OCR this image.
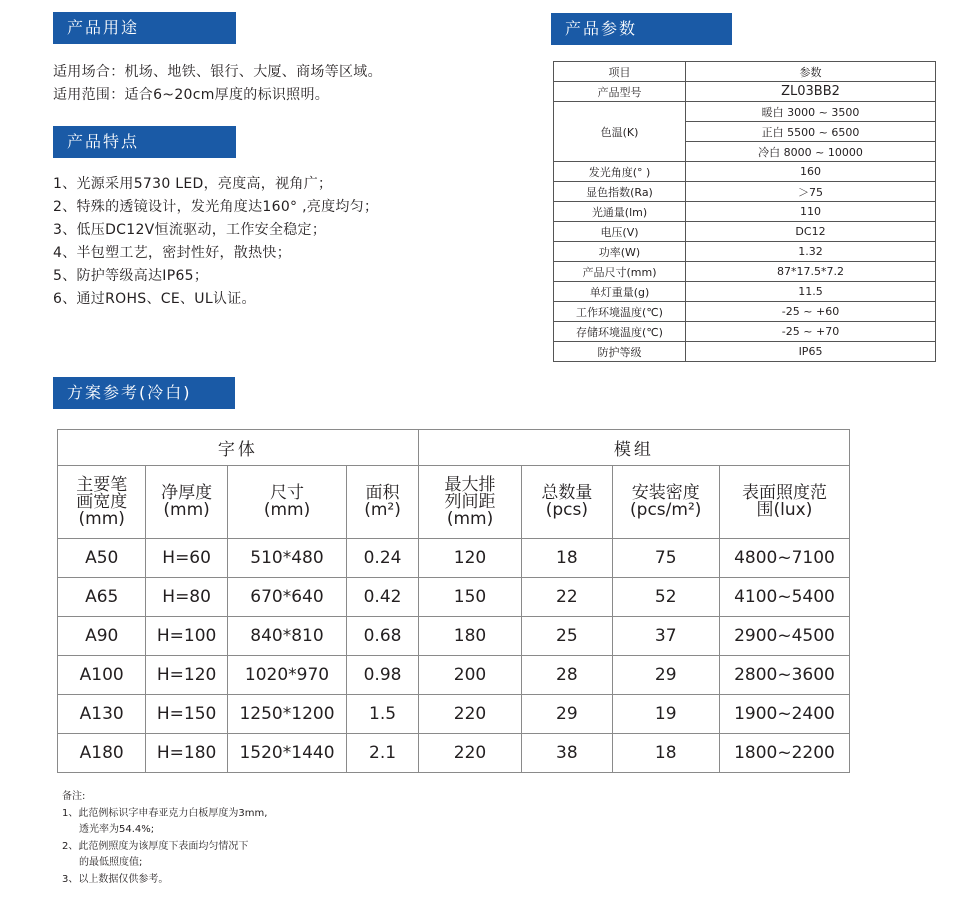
产品用途
适用场合：机场、地铁、银行、大厦、商场等区域。
适用范围：适合6~20cm厚度的标识照明。
产品特点
1、光源采用5730 LED，亮度高，视角广；
2、特殊的透镜设计，发光角度达160° ,亮度均匀；
3、低压DC12V恒流驱动，工作安全稳定；
4、半包塑工艺，密封性好，散热快；
5、防护等级高达IP65；
6、通过ROHS、CE、UL认证。
产品参数
项目	参数
产品型号	ZL03BB2
色温(K)	暖白 3000 ~ 3500
	正白 5500 ~ 6500
	冷白 8000 ~ 10000
发光角度(° )	160
显色指数(Ra)	＞75
光通量(lm)	110
电压(V)	DC12
功率(W)	1.32
产品尺寸(mm)	87*17.5*7.2
单灯重量(g)	11.5
工作环境温度(℃)	-25 ~ +60
存储环境温度(℃)	-25 ~ +70
防护等级	IP65
方案参考(冷白)
字体				模组			
主要笔画宽度(mm)	净厚度(mm)	尺寸(mm)	面积(m²)	最大排列间距(mm)	总数量(pcs)	安装密度(pcs/m²)	表面照度范围(lux)
A50	H=60	510*480	0.24	120	18	75	4800~7100
A65	H=80	670*640	0.42	150	22	52	4100~5400
A90	H=100	840*810	0.68	180	25	37	2900~4500
A100	H=120	1020*970	0.98	200	28	29	2800~3600
A130	H=150	1250*1200	1.5	220	29	19	1900~2400
A180	H=180	1520*1440	2.1	220	38	18	1800~2200
备注:
1、此范例标识字申春亚克力白板厚度为3mm,
透光率为54.4%;
2、此范例照度为该厚度下表面均匀情况下
的最低照度值;
3、以上数据仅供参考。
